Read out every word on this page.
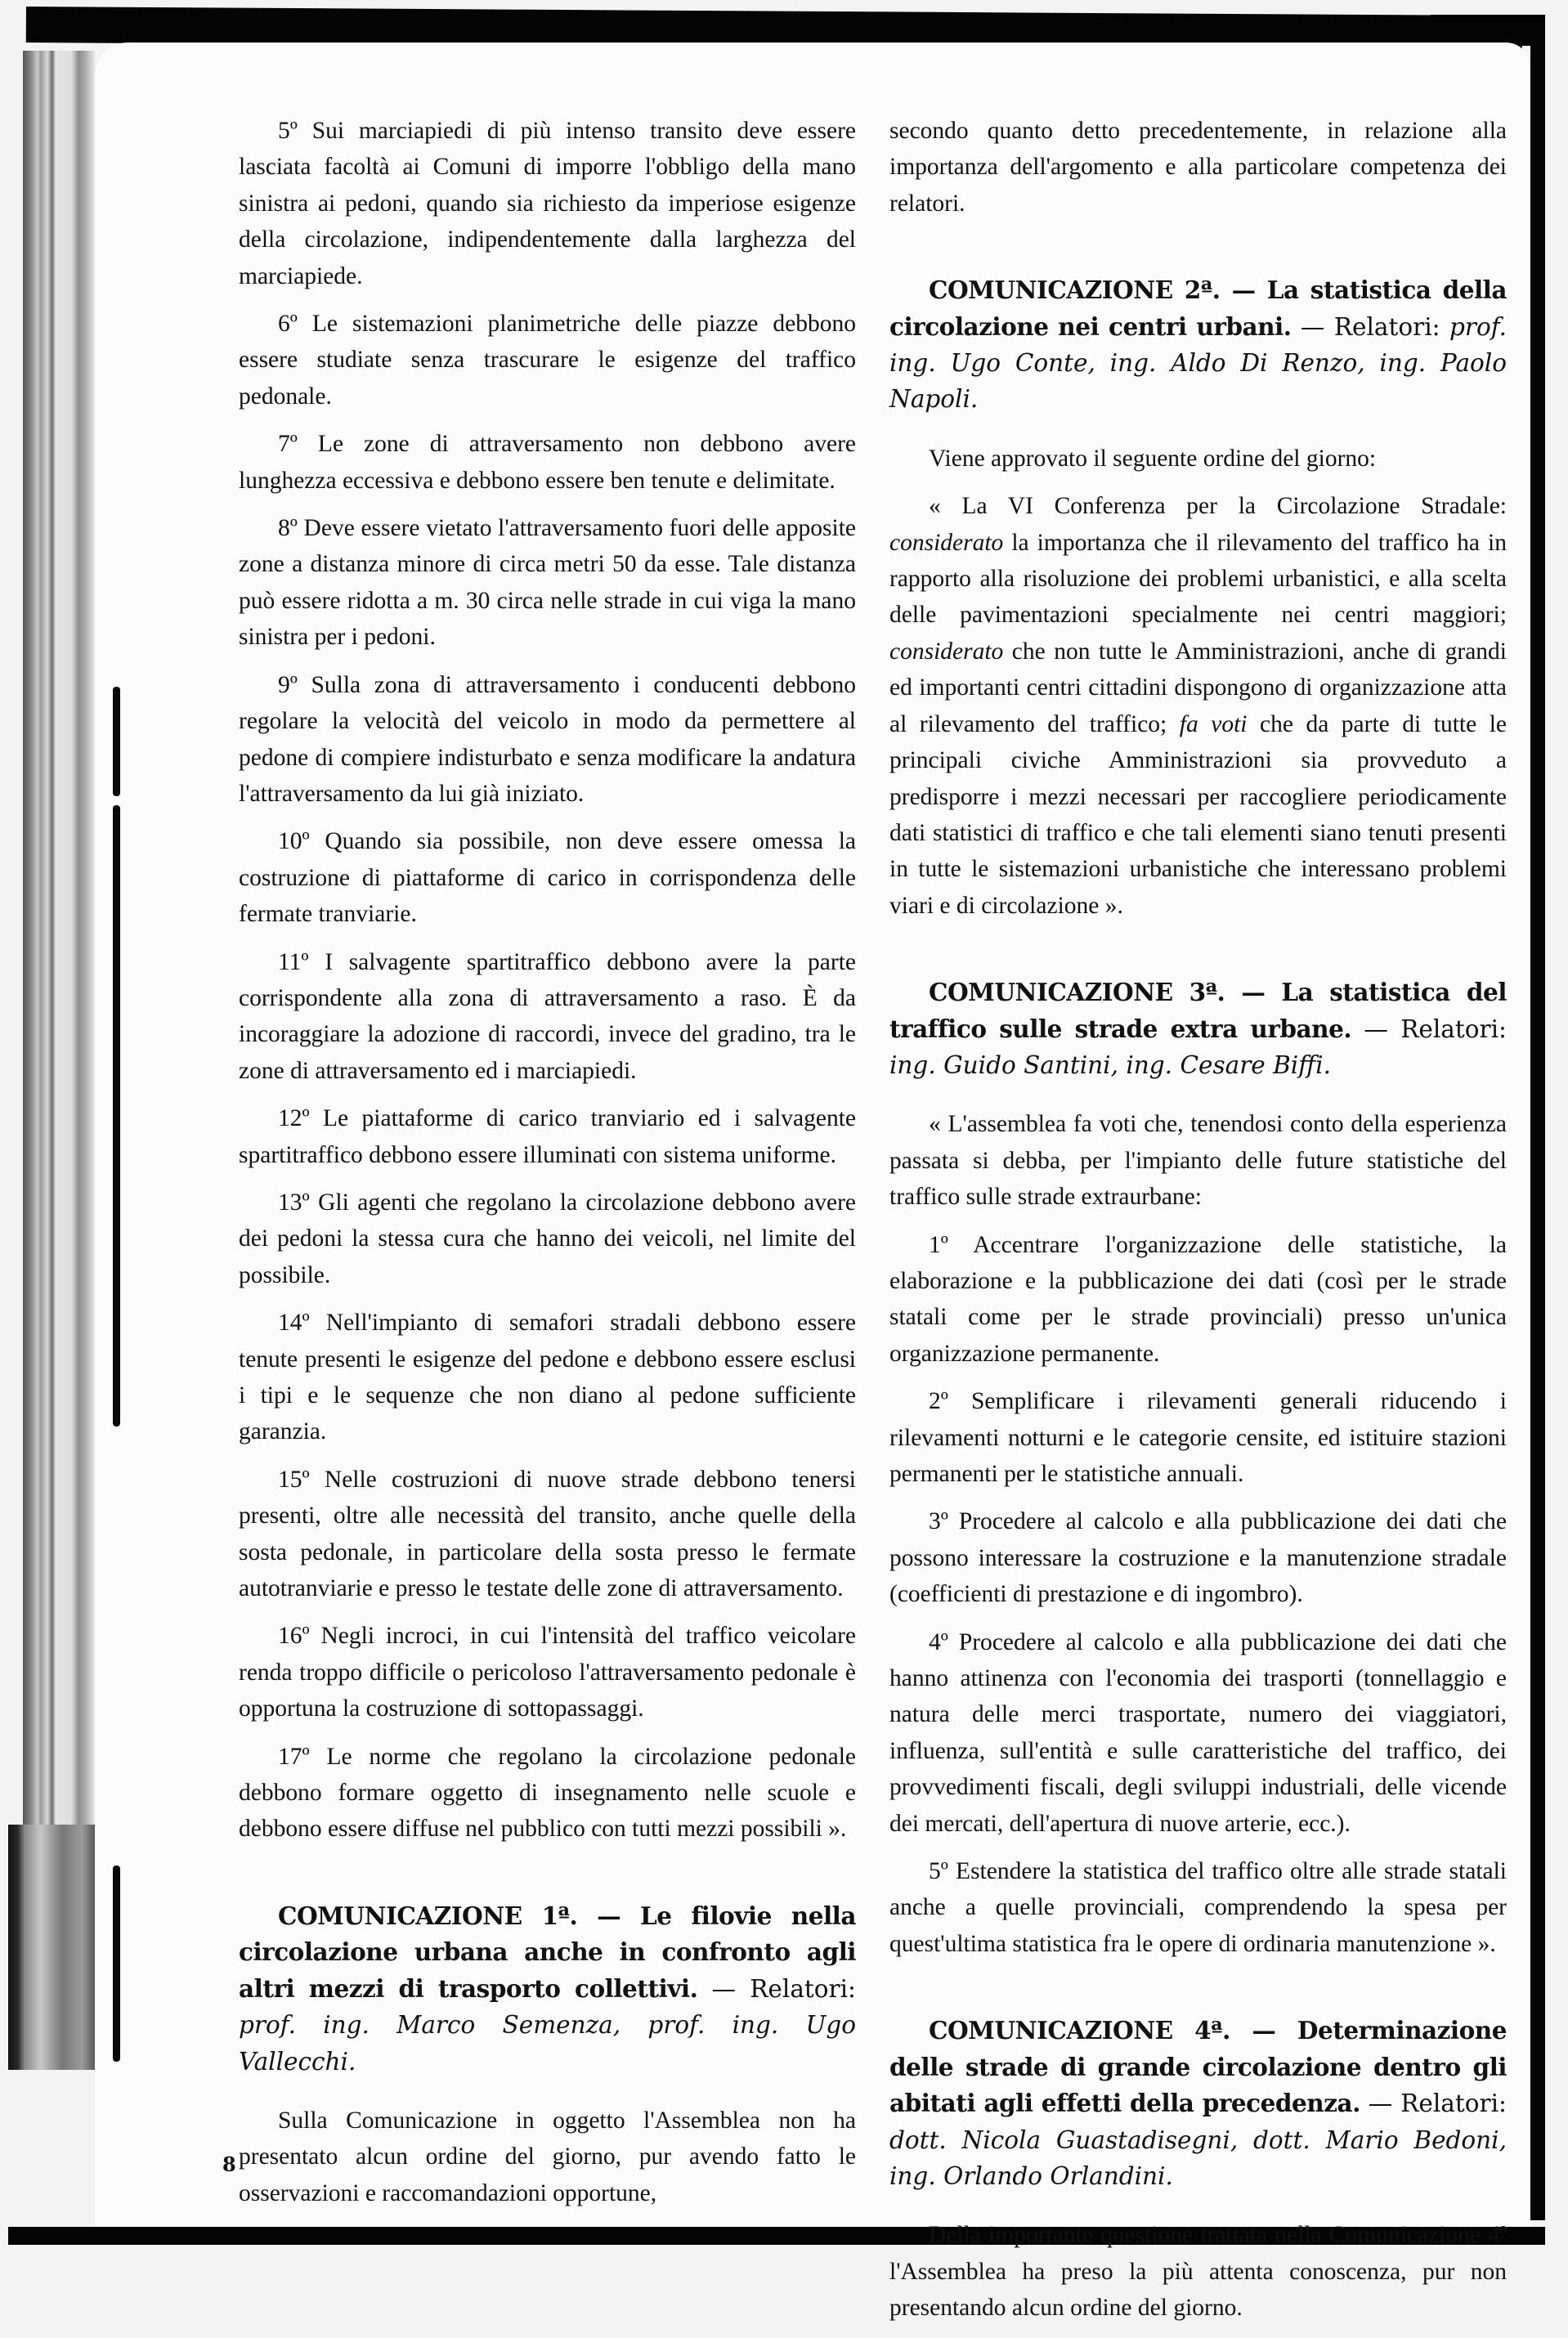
5º Sui marciapiedi di più intenso transito deve essere lasciata facoltà ai Comuni di imporre l'obbligo della mano sinistra ai pedoni, quando sia richiesto da imperiose esigenze della circolazione, indipendentemente dalla larghezza del marciapiede.

6º Le sistemazioni planimetriche delle piazze debbono essere studiate senza trascurare le esigenze del traffico pedonale.

7º Le zone di attraversamento non debbono avere lunghezza eccessiva e debbono essere ben tenute e delimitate.

8º Deve essere vietato l'attraversamento fuori delle apposite zone a distanza minore di circa metri 50 da esse. Tale distanza può essere ridotta a m. 30 circa nelle strade in cui viga la mano sinistra per i pedoni.

9º Sulla zona di attraversamento i conducenti debbono regolare la velocità del veicolo in modo da permettere al pedone di compiere indisturbato e senza modificare la andatura l'attraversamento da lui già iniziato.

10º Quando sia possibile, non deve essere omessa la costruzione di piattaforme di carico in corrispondenza delle fermate tranviarie.

11º I salvagente spartitraffico debbono avere la parte corrispondente alla zona di attraversamento a raso. È da incoraggiare la adozione di raccordi, invece del gradino, tra le zone di attraversamento ed i marciapiedi.

12º Le piattaforme di carico tranviario ed i salvagente spartitraffico debbono essere illuminati con sistema uniforme.

13º Gli agenti che regolano la circolazione debbono avere dei pedoni la stessa cura che hanno dei veicoli, nel limite del possibile.

14º Nell'impianto di semafori stradali debbono essere tenute presenti le esigenze del pedone e debbono essere esclusi i tipi e le sequenze che non diano al pedone sufficiente garanzia.

15º Nelle costruzioni di nuove strade debbono tenersi presenti, oltre alle necessità del transito, anche quelle della sosta pedonale, in particolare della sosta presso le fermate autotranviarie e presso le testate delle zone di attraversamento.

16º Negli incroci, in cui l'intensità del traffico veicolare renda troppo difficile o pericoloso l'attraversamento pedonale è opportuna la costruzione di sottopassaggi.

17º Le norme che regolano la circolazione pedonale debbono formare oggetto di insegnamento nelle scuole e debbono essere diffuse nel pubblico con tutti mezzi possibili ».

COMUNICAZIONE 1ª. — Le filovie nella circolazione urbana anche in confronto agli altri mezzi di trasporto collettivi. — Relatori: prof. ing. Marco Semenza, prof. ing. Ugo Vallecchi.

Sulla Comunicazione in oggetto l'Assemblea non ha presentato alcun ordine del giorno, pur avendo fatto le osservazioni e raccomandazioni opportune,

secondo quanto detto precedentemente, in relazione alla importanza dell'argomento e alla particolare competenza dei relatori.

COMUNICAZIONE 2ª. — La statistica della circolazione nei centri urbani. — Relatori: prof. ing. Ugo Conte, ing. Aldo Di Renzo, ing. Paolo Napoli.

Viene approvato il seguente ordine del giorno:

« La VI Conferenza per la Circolazione Stradale: considerato la importanza che il rilevamento del traffico ha in rapporto alla risoluzione dei problemi urbanistici, e alla scelta delle pavimentazioni specialmente nei centri maggiori; considerato che non tutte le Amministrazioni, anche di grandi ed importanti centri cittadini dispongono di organizzazione atta al rilevamento del traffico; fa voti che da parte di tutte le principali civiche Amministrazioni sia provveduto a predisporre i mezzi necessari per raccogliere periodicamente dati statistici di traffico e che tali elementi siano tenuti presenti in tutte le sistemazioni urbanistiche che interessano problemi viari e di circolazione ».

COMUNICAZIONE 3ª. — La statistica del traffico sulle strade extra urbane. — Relatori: ing. Guido Santini, ing. Cesare Biffi.

« L'assemblea fa voti che, tenendosi conto della esperienza passata si debba, per l'impianto delle future statistiche del traffico sulle strade extraurbane:

1º Accentrare l'organizzazione delle statistiche, la elaborazione e la pubblicazione dei dati (così per le strade statali come per le strade provinciali) presso un'unica organizzazione permanente.

2º Semplificare i rilevamenti generali riducendo i rilevamenti notturni e le categorie censite, ed istituire stazioni permanenti per le statistiche annuali.

3º Procedere al calcolo e alla pubblicazione dei dati che possono interessare la costruzione e la manutenzione stradale (coefficienti di prestazione e di ingombro).

4º Procedere al calcolo e alla pubblicazione dei dati che hanno attinenza con l'economia dei trasporti (tonnellaggio e natura delle merci trasportate, numero dei viaggiatori, influenza, sull'entità e sulle caratteristiche del traffico, dei provvedimenti fiscali, degli sviluppi industriali, delle vicende dei mercati, dell'apertura di nuove arterie, ecc.).

5º Estendere la statistica del traffico oltre alle strade statali anche a quelle provinciali, comprendendo la spesa per quest'ultima statistica fra le opere di ordinaria manutenzione ».

COMUNICAZIONE 4ª. — Determinazione delle strade di grande circolazione dentro gli abitati agli effetti della precedenza. — Relatori: dott. Nicola Guastadisegni, dott. Mario Bedoni, ing. Orlando Orlandini.

Della importante questione trattata nella Comunicazione 4ª l'Assemblea ha preso la più attenta conoscenza, pur non presentando alcun ordine del giorno.

8
